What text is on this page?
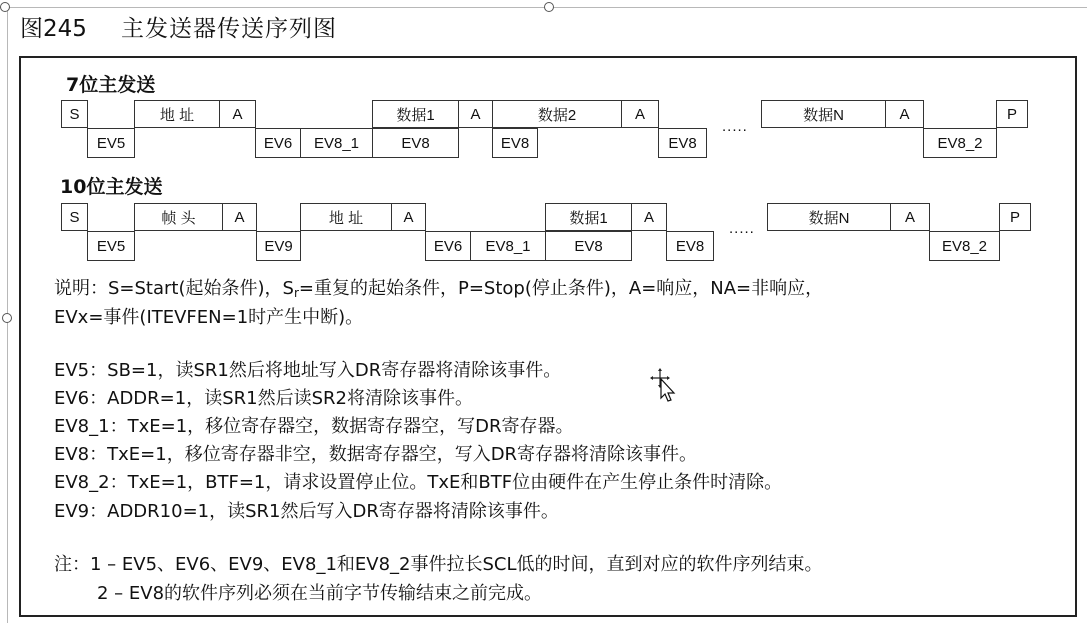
图245 主发送器传送序列图
7位主发送
S	地 址	A	数据1	A	数据2	A	数据N	A	P
EV5	EV6	EV8_1	EV8	EV8	EV8	EV8_2
.....
10位主发送
S	帧 头	A	地 址	A	数据1	A	数据N	A	P
EV5	EV9	EV6	EV8_1	EV8	EV8	EV8_2
.....
说明：S=Start(起始条件)，$S_r=$重复的起始条件，P=Stop(停止条件)，A=响应，NA=非响应，
EVx=事件(ITEVFEN=1时产生中断)。
EV5：SB=1，读SR1然后将地址写入DR寄存器将清除该事件。
EV6：ADDR=1，读SR1然后读SR2将清除该事件。
EV8_1：TxE=1，移位寄存器空，数据寄存器空，写DR寄存器。
EV8：TxE=1，移位寄存器非空，数据寄存器空，写入DR寄存器将清除该事件。
EV8_2：TxE=1，BTF=1，请求设置停止位。TxE和BTF位由硬件在产生停止条件时清除。
EV9：ADDR10=1，读SR1然后写入DR寄存器将清除该事件。
注：1 – EV5、EV6、EV9、EV8_1和EV8_2事件拉长SCL低的时间，直到对应的软件序列结束。
2 – EV8的软件序列必须在当前字节传输结束之前完成。
